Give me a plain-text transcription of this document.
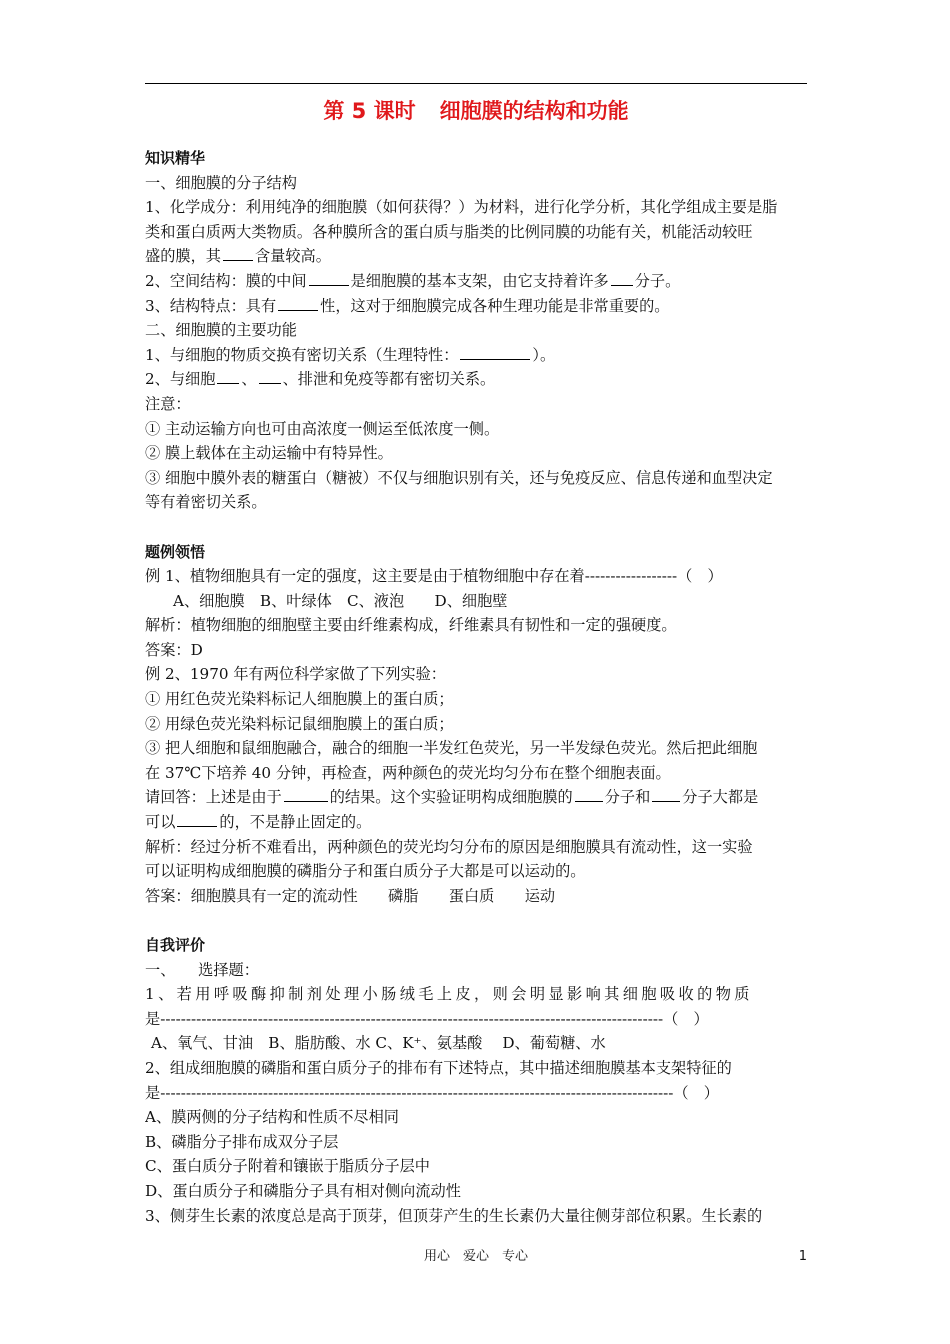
第 5 课时 细胞膜的结构和功能
知识精华
一、细胞膜的分子结构
1、化学成分：利用纯净的细胞膜（如何获得？）为材料，进行化学分析，其化学组成主要是脂
类和蛋白质两大类物质。各种膜所含的蛋白质与脂类的比例同膜的功能有关，机能活动较旺
盛的膜，其 含量较高。
2、空间结构：膜的中间	是细胞膜的基本支架，由它支持着许多 分子。
3、结构特点：具有	性，这对于细胞膜完成各种生理功能是非常重要的。
二、细胞膜的主要功能
1、与细胞的物质交换有密切关系（生理特性：	）。
2、与细胞 、 、排泄和免疫等都有密切关系。
注意：
① 主动运输方向也可由高浓度一侧运至低浓度一侧。
② 膜上载体在主动运输中有特异性。
③ 细胞中膜外表的糖蛋白（糖被）不仅与细胞识别有关，还与免疫反应、信息传递和血型决定
等有着密切关系。
题例领悟
例 1、植物细胞具有一定的强度，这主要是由于植物细胞中存在着------------------（　）
A、细胞膜　B、叶绿体　C、液泡　　D、细胞壁
解析：植物细胞的细胞壁主要由纤维素构成，纤维素具有韧性和一定的强硬度。
答案：D
例 2、1970 年有两位科学家做了下列实验：
① 用红色荧光染料标记人细胞膜上的蛋白质；
② 用绿色荧光染料标记鼠细胞膜上的蛋白质；
③ 把人细胞和鼠细胞融合，融合的细胞一半发红色荧光，另一半发绿色荧光。然后把此细胞
在 37℃下培养 40 分钟，再检查，两种颜色的荧光均匀分布在整个细胞表面。
请回答：上述是由于	的结果。这个实验证明构成细胞膜的 分子和 分子大都是
可以	的，不是静止固定的。
解析：经过分析不难看出，两种颜色的荧光均匀分布的原因是细胞膜具有流动性，这一实验
可以证明构成细胞膜的磷脂分子和蛋白质分子大都是可以运动的。
答案：细胞膜具有一定的流动性　　磷脂　　蛋白质　　运动
自我评价
一、　　选择题：
1、若用呼吸酶抑制剂处理小肠绒毛上皮，则会明显影响其细胞吸收的物质
是--------------------------------------------------------------------------------------------------（　）
A、氧气、甘油　B、脂肪酸、水 C、K⁺、氨基酸　 D、葡萄糖、水
2、组成细胞膜的磷脂和蛋白质分子的排布有下述特点，其中描述细胞膜基本支架特征的
是----------------------------------------------------------------------------------------------------（　）
A、膜两侧的分子结构和性质不尽相同
B、磷脂分子排布成双分子层
C、蛋白质分子附着和镶嵌于脂质分子层中
D、蛋白质分子和磷脂分子具有相对侧向流动性
3、侧芽生长素的浓度总是高于顶芽，但顶芽产生的生长素仍大量往侧芽部位积累。生长素的
用心　爱心　专心	1
